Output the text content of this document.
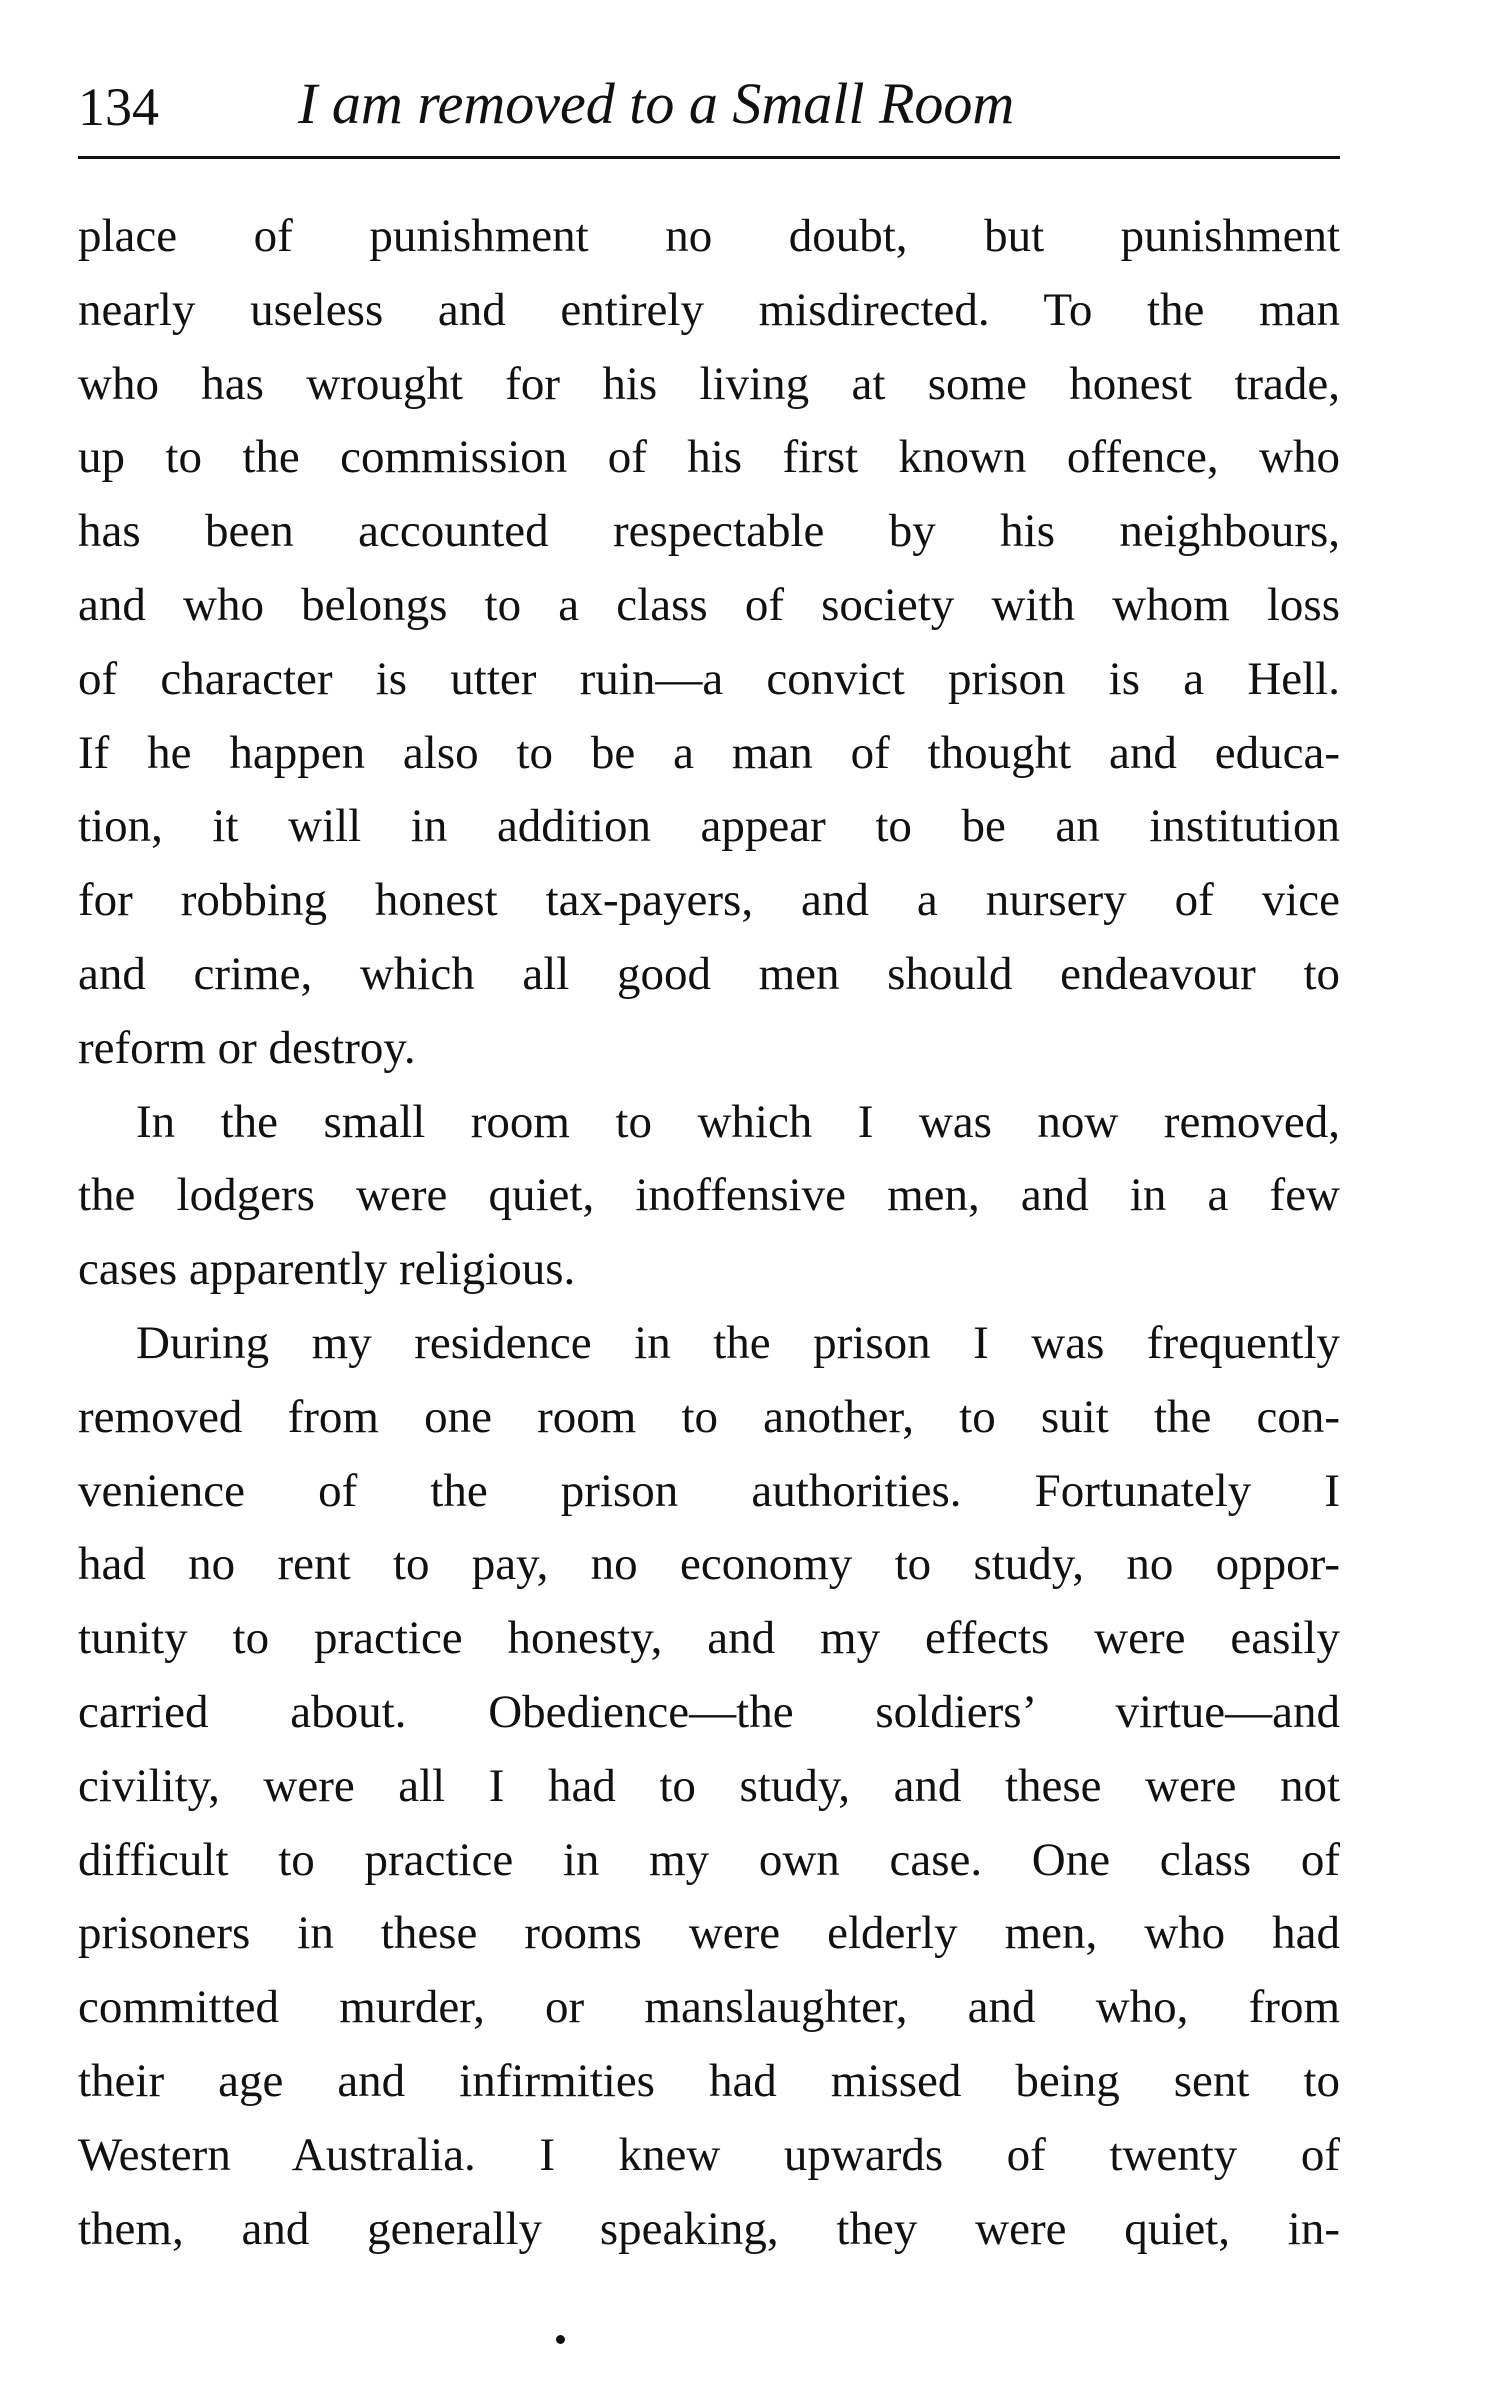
134 I am removed to a Small Room
place of punishment no doubt, but punishment
nearly useless and entirely misdirected. To the man
who has wrought for his living at some honest trade,
up to the commission of his first known offence, who
has been accounted respectable by his neighbours,
and who belongs to a class of society with whom loss
of character is utter ruin—a convict prison is a Hell.
If he happen also to be a man of thought and educa-
tion, it will in addition appear to be an institution
for robbing honest tax-payers, and a nursery of vice
and crime, which all good men should endeavour to
reform or destroy.
In the small room to which I was now removed,
the lodgers were quiet, inoffensive men, and in a few
cases apparently religious.
During my residence in the prison I was frequently
removed from one room to another, to suit the con-
venience of the prison authorities. Fortunately I
had no rent to pay, no economy to study, no oppor-
tunity to practice honesty, and my effects were easily
carried about. Obedience—the soldiers’ virtue—and
civility, were all I had to study, and these were not
difficult to practice in my own case. One class of
prisoners in these rooms were elderly men, who had
committed murder, or manslaughter, and who, from
their age and infirmities had missed being sent to
Western Australia. I knew upwards of twenty of
them, and generally speaking, they were quiet, in-
